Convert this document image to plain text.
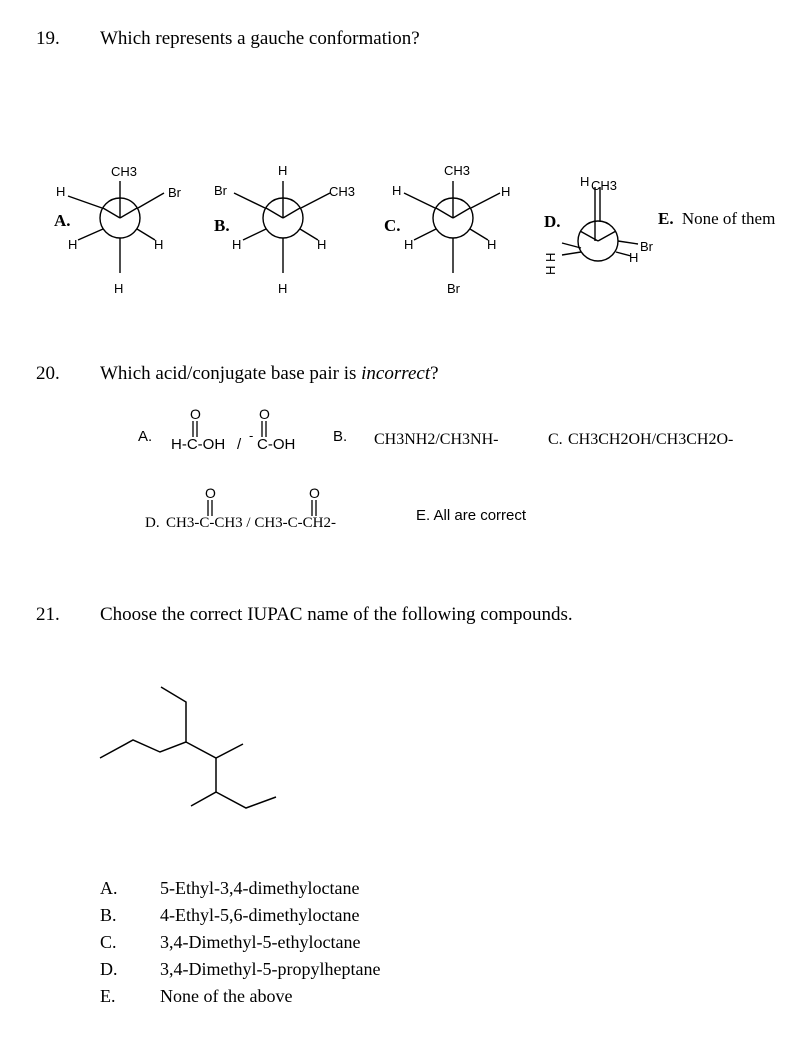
19. Which represents a gauche conformation?
CH3
H	Br
H	H
H
A.
H
Br	CH3
H	H
H
B.
CH3
H	H
H	H
Br
C.
H CH3
H
H
H
Br
D.	E. None of them
O	O
O	O
20. Which acid/conjugate base pair is incorrect?
A. H-C-OH /
-
C-OH	B. CH3NH2/CH3NH-	C. CH3CH2OH/CH3CH2O-
D. CH3-C-CH3 / CH3-C-CH2-	E. All are correct
21. Choose the correct IUPAC name of the following compounds.
A. 5-Ethyl-3,4-dimethyloctane
B. 4-Ethyl-5,6-dimethyloctane
C. 3,4-Dimethyl-5-ethyloctane
D. 3,4-Dimethyl-5-propylheptane
E. None of the above
